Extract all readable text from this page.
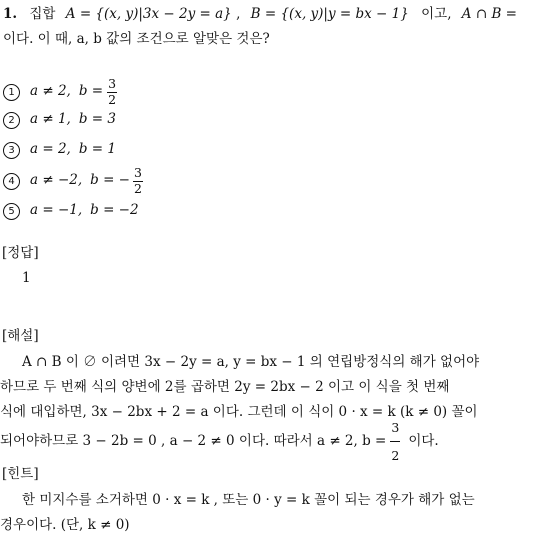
1. 집합 A = {(x, y)|3x − 2y = a} , B = {(x, y)|y = bx − 1} 이고, A ∩ B =
이다. 이 때, a, b 값의 조건으로 알맞은 것은?
1	a ≠ 2, $b = \frac{3}{2}$
2	a ≠ 1, b = 3
3	a = 2, b = 1
4	a ≠ −2, b = − $\frac{3}{2}$
5	a = −1, b = −2
[정답]
1
[해설]
A ∩ B 이 ∅ 이려면 3x − 2y = a, y = bx − 1 의 연립방정식의 해가 없어야
하므로 두 번째 식의 양변에 2를 곱하면 2y = 2bx − 2 이고 이 식을 첫 번째
식에 대입하면, 3x − 2bx + 2 = a 이다. 그런데 이 식이 0 · x = k (k ≠ 0) 꼴이
되어야하므로 3 − 2b = 0 , a − 2 ≠ 0 이다. 따라서 a ≠ 2, $b = \frac{3}{2}$ 이다.
[힌트]
한 미지수를 소거하면 0 · x = k , 또는 0 · y = k 꼴이 되는 경우가 해가 없는
경우이다. (단, k ≠ 0)
